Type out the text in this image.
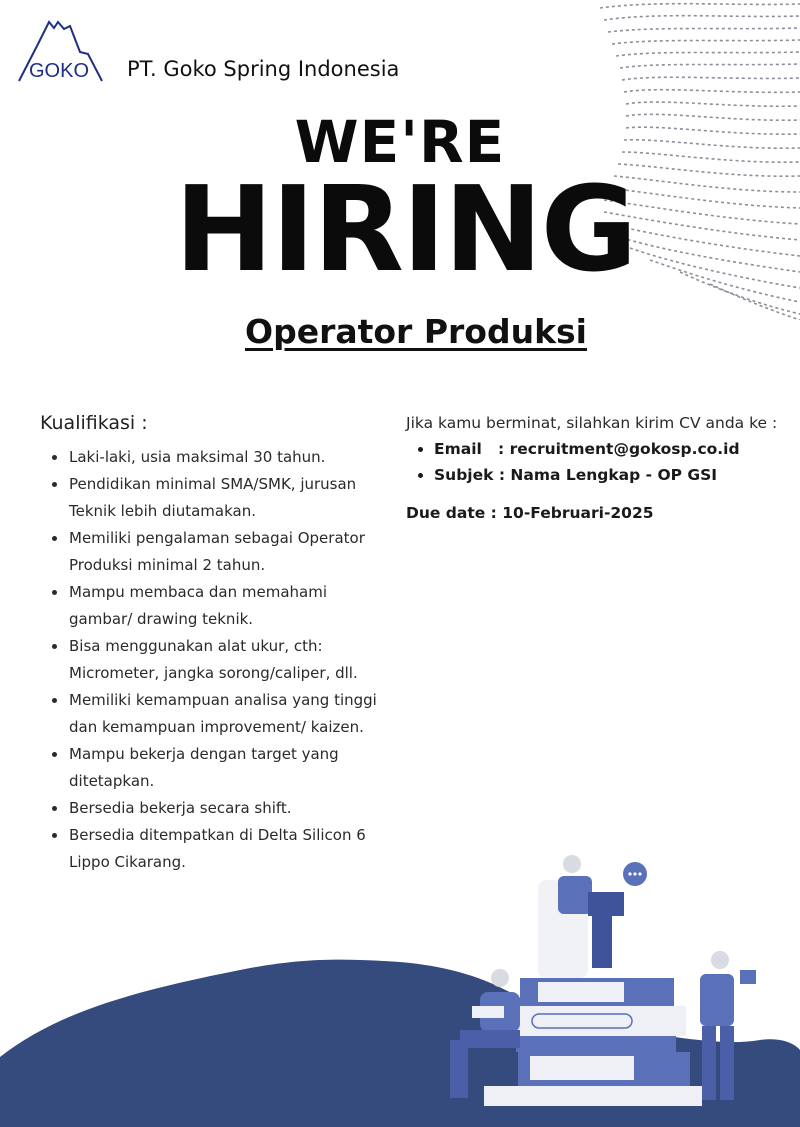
GOKO PT. Goko Spring Indonesia
WE'RE
HIRING
Operator Produksi
Kualifikasi :
• Laki-laki, usia maksimal 30 tahun.
• Pendidikan minimal SMA/SMK, jurusan Teknik lebih diutamakan.
• Memiliki pengalaman sebagai Operator Produksi minimal 2 tahun.
• Mampu membaca dan memahami gambar/ drawing teknik.
• Bisa menggunakan alat ukur, cth: Micrometer, jangka sorong/caliper, dll.
• Memiliki kemampuan analisa yang tinggi dan kemampuan improvement/ kaizen.
• Mampu bekerja dengan target yang ditetapkan.
• Bersedia bekerja secara shift.
• Bersedia ditempatkan di Delta Silicon 6 Lippo Cikarang.

Jika kamu berminat, silahkan kirim CV anda ke :

• Email   : recruitment@gokosp.co.id
• Subjek : Nama Lengkap - OP GSI
Due date : 10-Februari-2025
